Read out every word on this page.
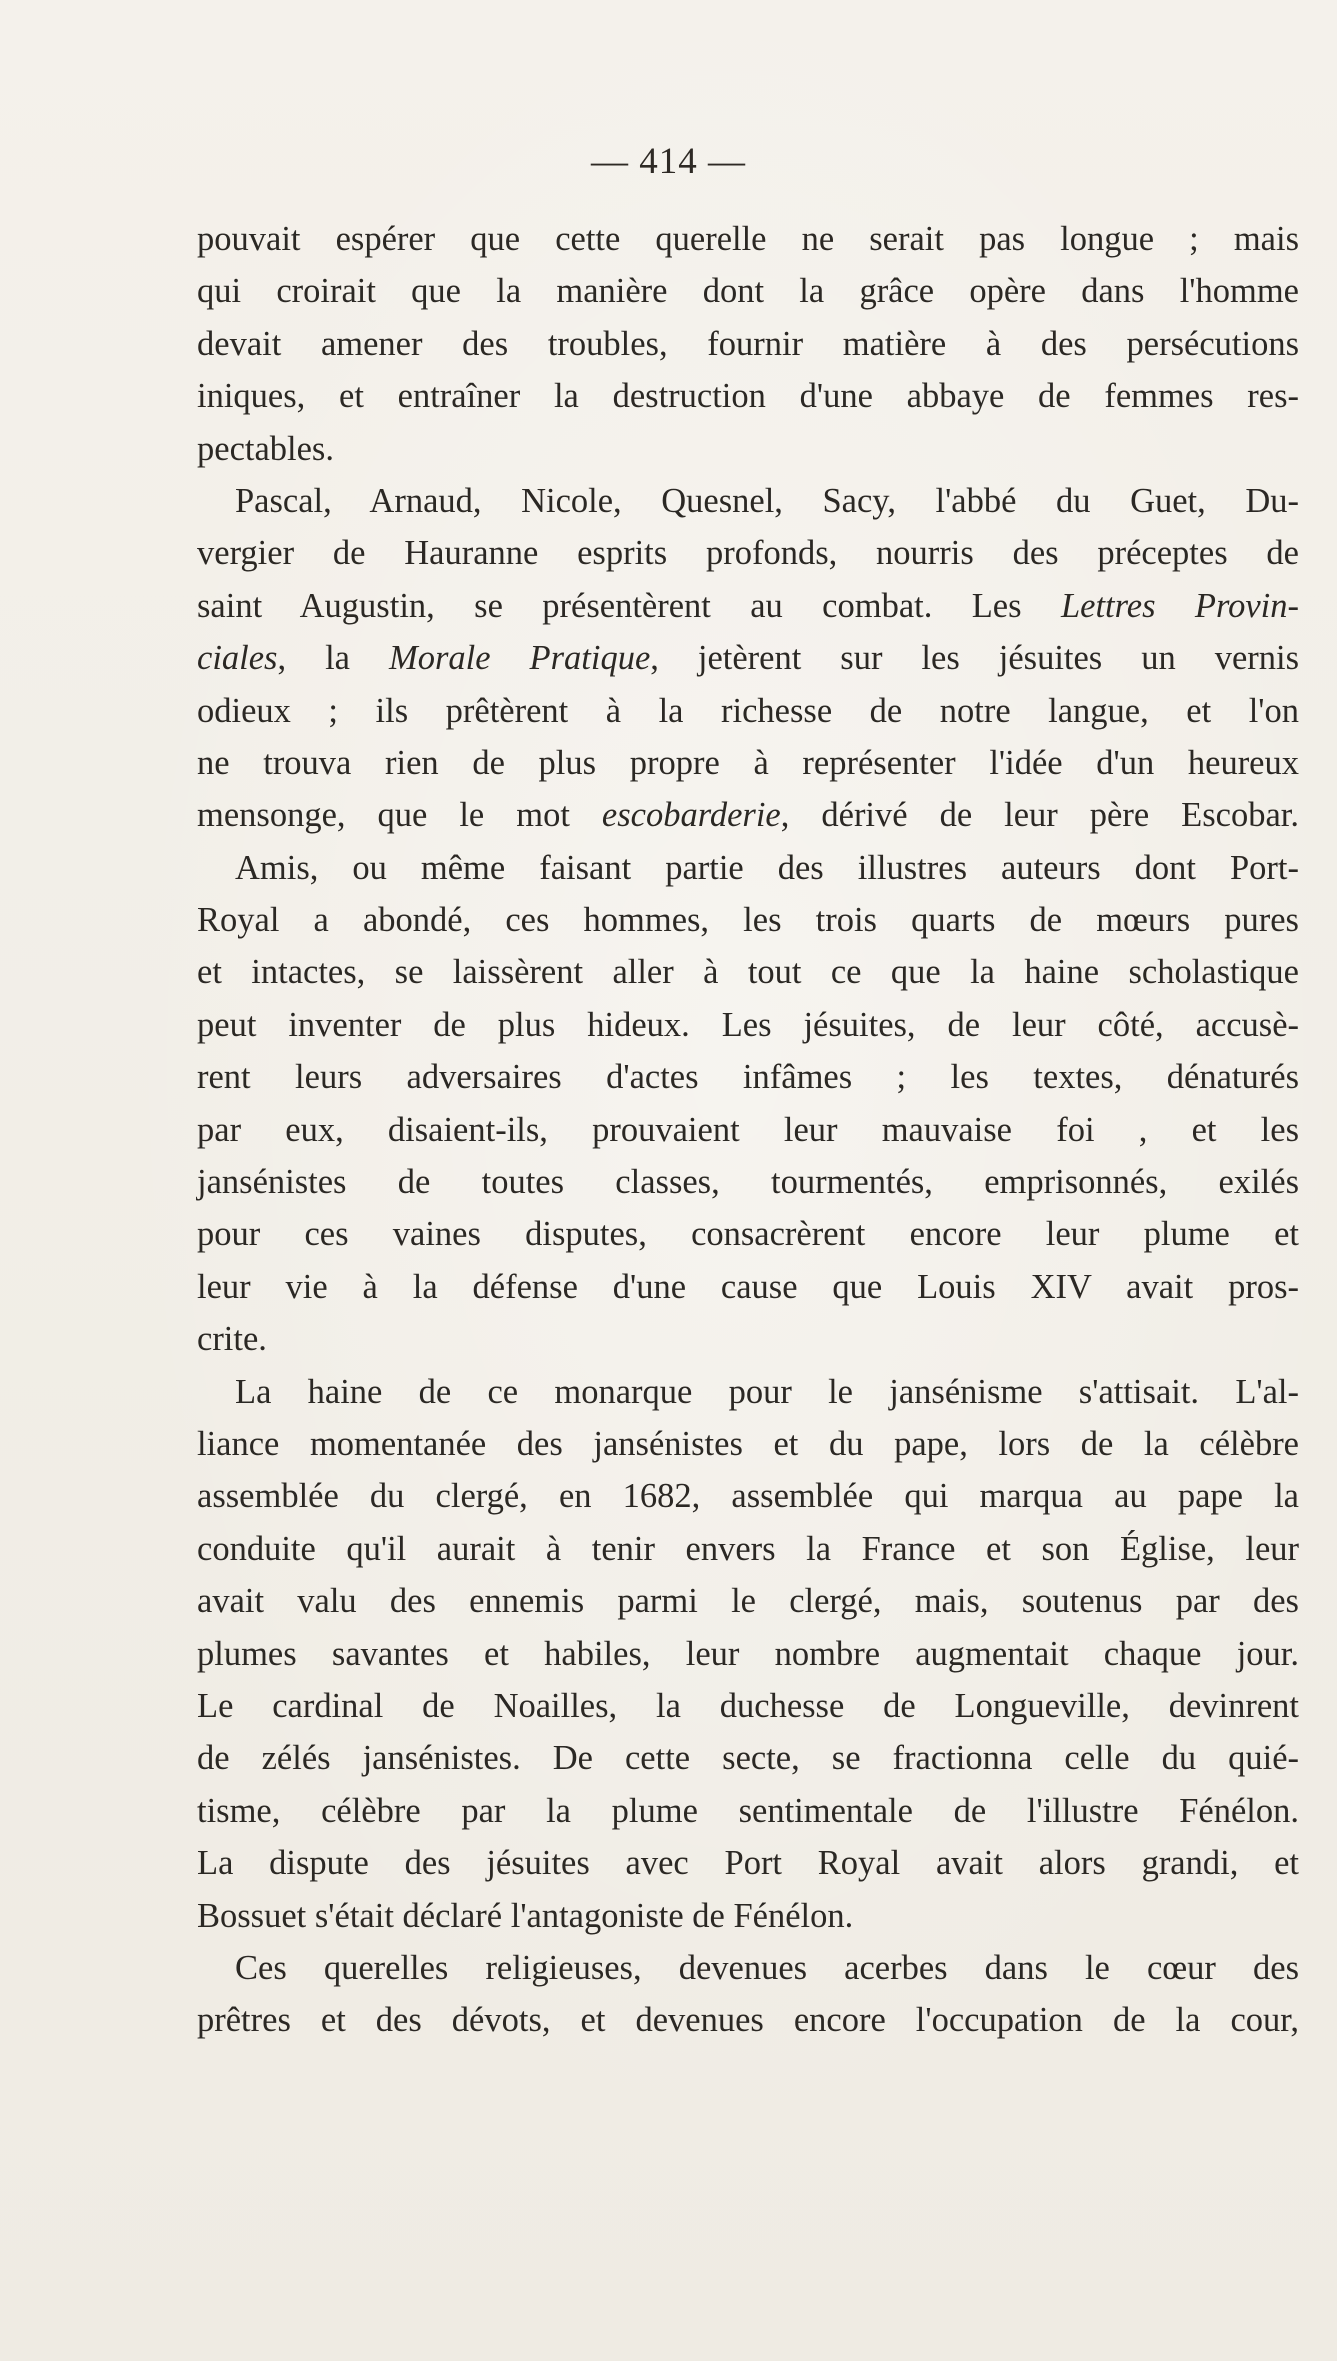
— 414 —
pouvait espérer que cette querelle ne serait pas longue ; mais
qui croirait que la manière dont la grâce opère dans l'homme
devait amener des troubles, fournir matière à des persécutions
iniques, et entraîner la destruction d'une abbaye de femmes res-
pectables.
Pascal, Arnaud, Nicole, Quesnel, Sacy, l'abbé du Guet, Du-
vergier de Hauranne esprits profonds, nourris des préceptes de
saint Augustin, se présentèrent au combat. Les Lettres Provin-
ciales, la Morale Pratique, jetèrent sur les jésuites un vernis
odieux ; ils prêtèrent à la richesse de notre langue, et l'on
ne trouva rien de plus propre à représenter l'idée d'un heureux
mensonge, que le mot escobarderie, dérivé de leur père Escobar.
Amis, ou même faisant partie des illustres auteurs dont Port-
Royal a abondé, ces hommes, les trois quarts de mœurs pures
et intactes, se laissèrent aller à tout ce que la haine scholastique
peut inventer de plus hideux. Les jésuites, de leur côté, accusè-
rent leurs adversaires d'actes infâmes ; les textes, dénaturés
par eux, disaient-ils, prouvaient leur mauvaise foi , et les
jansénistes de toutes classes, tourmentés, emprisonnés, exilés
pour ces vaines disputes, consacrèrent encore leur plume et
leur vie à la défense d'une cause que Louis XIV avait pros-
crite.
La haine de ce monarque pour le jansénisme s'attisait. L'al-
liance momentanée des jansénistes et du pape, lors de la célèbre
assemblée du clergé, en 1682, assemblée qui marqua au pape la
conduite qu'il aurait à tenir envers la France et son Église, leur
avait valu des ennemis parmi le clergé, mais, soutenus par des
plumes savantes et habiles, leur nombre augmentait chaque jour.
Le cardinal de Noailles, la duchesse de Longueville, devinrent
de zélés jansénistes. De cette secte, se fractionna celle du quié-
tisme, célèbre par la plume sentimentale de l'illustre Fénélon.
La dispute des jésuites avec Port Royal avait alors grandi, et
Bossuet s'était déclaré l'antagoniste de Fénélon.
Ces querelles religieuses, devenues acerbes dans le cœur des
prêtres et des dévots, et devenues encore l'occupation de la cour,
